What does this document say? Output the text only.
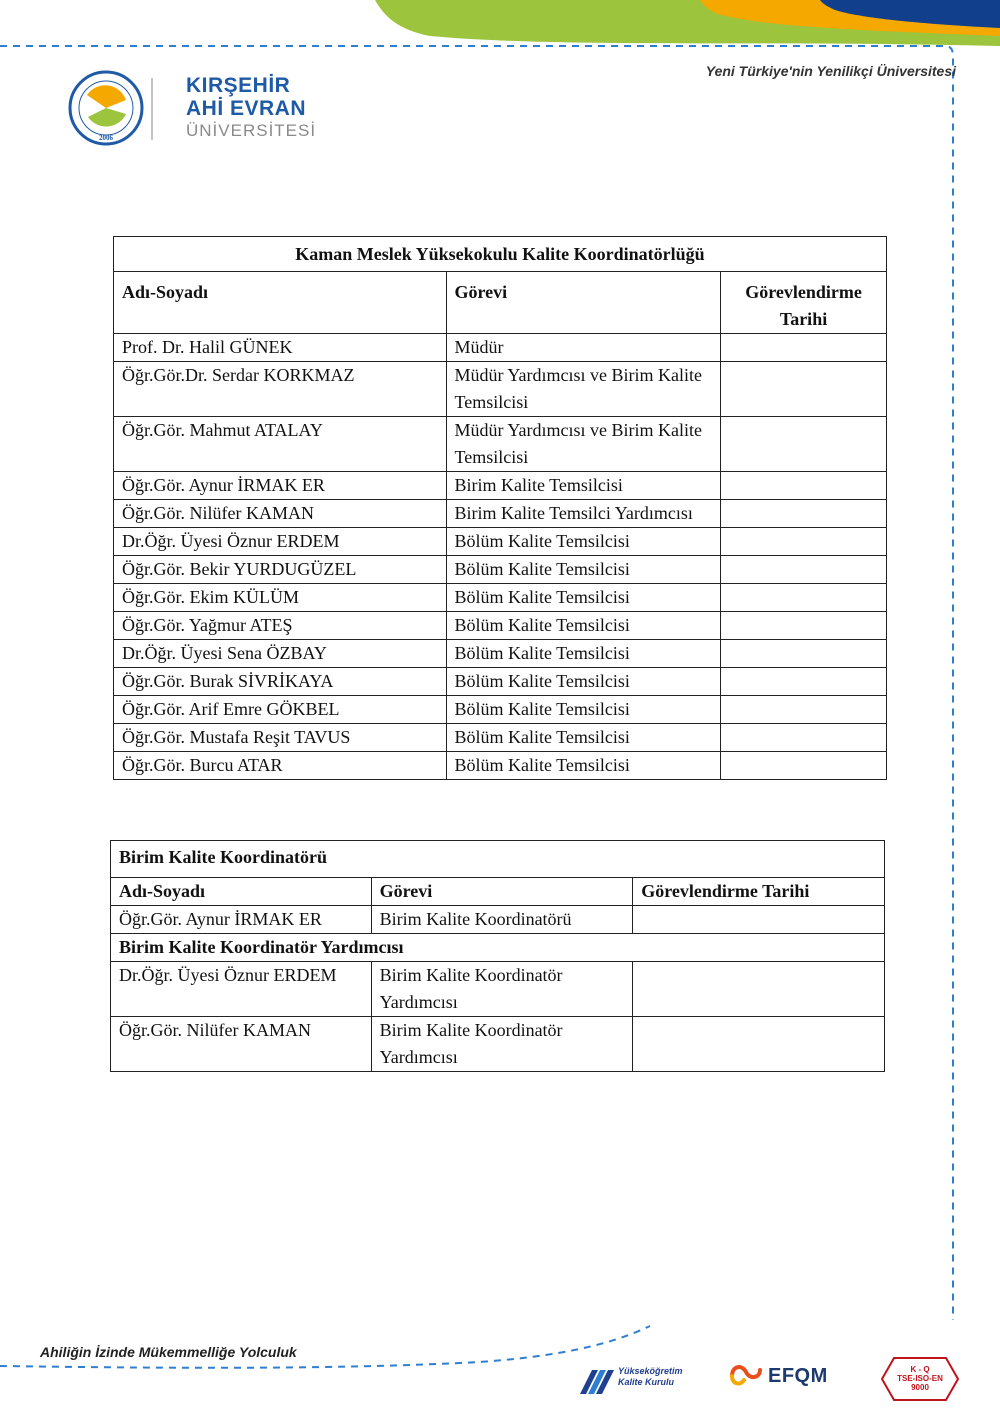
2006
KIRŞEHİR
AHİ EVRAN
ÜNİVERSİTESİ
Yeni Türkiye'nin Yenilikçi Üniversitesi
Kaman Meslek Yüksekokulu Kalite Koordinatörlüğü		
Adı-Soyadı	Görevi	Görevlendirme Tarihi
Prof. Dr. Halil GÜNEK	Müdür	
Öğr.Gör.Dr. Serdar KORKMAZ	Müdür Yardımcısı ve Birim Kalite Temsilcisi	
Öğr.Gör. Mahmut ATALAY	Müdür Yardımcısı ve Birim Kalite Temsilcisi	
Öğr.Gör. Aynur İRMAK ER	Birim Kalite Temsilcisi	
Öğr.Gör. Nilüfer KAMAN	Birim Kalite Temsilci Yardımcısı	
Dr.Öğr. Üyesi Öznur ERDEM	Bölüm Kalite Temsilcisi	
Öğr.Gör. Bekir YURDUGÜZEL	Bölüm Kalite Temsilcisi	
Öğr.Gör. Ekim KÜLÜM	Bölüm Kalite Temsilcisi	
Öğr.Gör. Yağmur ATEŞ	Bölüm Kalite Temsilcisi	
Dr.Öğr. Üyesi Sena ÖZBAY	Bölüm Kalite Temsilcisi	
Öğr.Gör. Burak SİVRİKAYA	Bölüm Kalite Temsilcisi	
Öğr.Gör. Arif Emre GÖKBEL	Bölüm Kalite Temsilcisi	
Öğr.Gör. Mustafa Reşit TAVUS	Bölüm Kalite Temsilcisi	
Öğr.Gör. Burcu ATAR	Bölüm Kalite Temsilcisi	
Birim Kalite Koordinatörü		
Adı-Soyadı	Görevi	Görevlendirme Tarihi
Öğr.Gör. Aynur İRMAK ER	Birim Kalite Koordinatörü	
Birim Kalite Koordinatör Yardımcısı		
Dr.Öğr. Üyesi Öznur ERDEM	Birim Kalite Koordinatör Yardımcısı	
Öğr.Gör. Nilüfer KAMAN	Birim Kalite Koordinatör Yardımcısı	
Ahiliğin İzinde Mükemmelliğe Yolculuk
Yükseköğretim
Kalite Kurulu	EFQM	K - Q
TSE-ISO-EN
9000
